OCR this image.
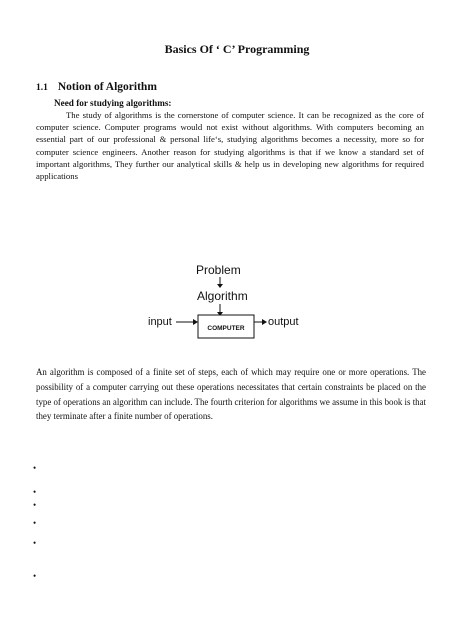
Basics Of ‘ C’ Programming
1.1 Notion of Algorithm
Need for studying algorithms:
The study of algorithms is the cornerstone of computer science. It can be recognized as the core of computer science. Computer programs would not exist without algorithms. With computers becoming an essential part of our professional & personal life‘s, studying algorithms becomes a necessity, more so for computer science engineers. Another reason for studying algorithms is that if we know a standard set of important algorithms, They further our analytical skills & help us in developing new algorithms for required applications
Problem
Algorithm
input
COMPUTER
output
An algorithm is composed of a finite set of steps, each of which may require one or more operations. The possibility of a computer carrying out these operations necessitates that certain constraints be placed on the type of operations an algorithm can include. The fourth criterion for algorithms we assume in this book is that they terminate after a finite number of operations.
•
•
•
•
•
•
